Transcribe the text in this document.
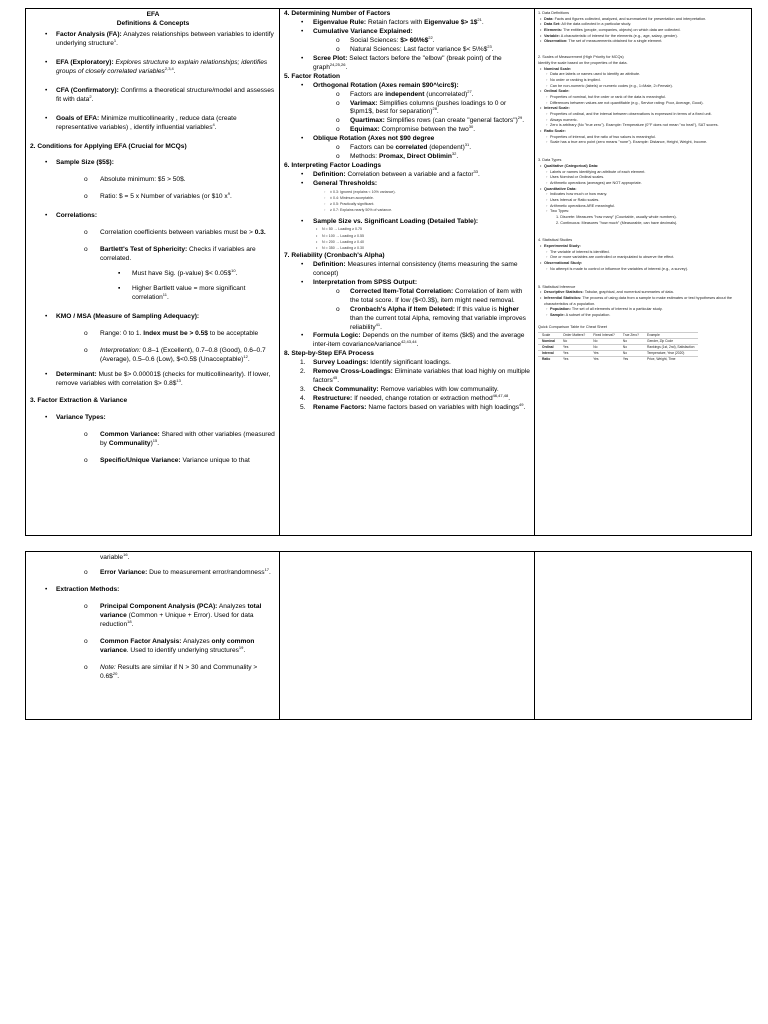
EFA
Definitions & Concepts
• Factor Analysis (FA): Analyzes relationships between variables to identify underlying structure$^1$.
• EFA (Exploratory): Explores structure to explain relationships; identifies groups of closely correlated variables$^{2,3,4}$.
• CFA (Confirmatory): Confirms a theoretical structure/model and assesses fit with data$^2$.
• Goals of EFA: Minimize multicollinearity , reduce data (create representative variables) , identify influential variables$^4$.
2. Conditions for Applying EFA (Crucial for MCQs)
• Sample Size ($5$):
o Absolute minimum: $5 > 50$.
o Ratio: $ = 5 x Number of variables (or $10 $x^9$.
• Correlations:
o Correlation coefficients between variables must be > 0.3.
o Bartlett's Test of Sphericity: Checks if variables are correlated.
▪ Must have Sig. (p-value) $< 0.05\$$^{10}$.
▪ Higher Bartlett value = more significant correlation$^{11}$.
• KMO / MSA (Measure of Sampling Adequacy):
o Range: 0 to 1. Index must be > 0.5$ to be acceptable
o Interpretation: 0.8–1 (Excellent), 0.7–0.8 (Good), 0.6–0.7 (Average), 0.5–0.6 (Low), $<0.5$ (Unacceptable)$^{12}$.
• Determinant: Must be $> 0.00001$ (checks for multicollinearity). If lower, remove variables with correlation $> 0.8\$$^{13}$.
3. Factor Extraction & Variance
• Variance Types:
o Common Variance: Shared with other variables (measured by Communality)$^{15}$.
o Specific/Unique Variance: Variance unique to that
4. Determining Number of Factors
• Eigenvalue Rule: Retain factors with Eigenvalue $> 1\$$^{21}$.
• Cumulative Variance Explained:
o Social Sciences: $> 60\%\$$^{22}$.
o Natural Sciences: Last factor variance $< 5\%\$$^{23}$.
• Scree Plot: Select factors before the "elbow" (break point) of the graph$^{24,25,26}$.
5. Factor Rotation
• Orthogonal Rotation (Axes remain $90^\circ$):
o Factors are independent (uncorrelated)$^{27}$.
o Varimax: Simplifies columns (pushes loadings to 0 or $\pm1$, best for separation)$^{28}$.
o Quartimax: Simplifies rows (can create "general factors")$^{29}$.
o Equimax: Compromise between the two$^{30}$.
• Oblique Rotation (Axes not $90 degree
o Factors can be correlated (dependent)$^{31}$.
o Methods: Promax, Direct Oblimin$^{32}$.
6. Interpreting Factor Loadings
• Definition: Correlation between a variable and a factor$^{33}$.
• General Thresholds:
◦ ± 0.3: Ignored (explains < 10% variance).
◦ ± 0.4: Minimum acceptable.
◦ ≥ 0.5: Practically significant.
◦ ≥ 0.7: Explains nearly 50% of variance.
• Sample Size vs. Significant Loading (Detailed Table):
• N = 50 → Loading ≥ 0.75
• N = 100 → Loading ≥ 0.55
• N = 200 → Loading ≥ 0.40
• N = 350 → Loading ≥ 0.30
7. Reliability (Cronbach's Alpha)
• Definition: Measures internal consistency (items measuring the same concept)
• Interpretation from SPSS Output:
o Corrected Item-Total Correlation: Correlation of item with the total score. If low ($<0.3$), item might need removal.
o Cronbach's Alpha if Item Deleted: If this value is higher than the current total Alpha, removing that variable improves reliability$^{41}$.
• Formula Logic: Depends on the number of items ($k$) and the average inter-item covariance/variance$^{42,43,44}$.
8. Step-by-Step EFA Process
1. Survey Loadings: Identify significant loadings.
2. Remove Cross-Loadings: Eliminate variables that load highly on multiple factors$^{45}$.
3. Check Communality: Remove variables with low communality.
4. Restructure: If needed, change rotation or extraction method$^{46,47,48}$.
5. Rename Factors: Name factors based on variables with high loadings$^{49}$.
1. Data Definitions
• Data: Facts and figures collected, analyzed, and summarized for presentation and interpretation.
• Data Set: All the data collected in a particular study.
• Elements: The entities (people, companies, objects) on which data are collected.
• Variable: A characteristic of interest for the elements (e.g., age, salary, gender).
• Observation: The set of measurements obtained for a single element.
2. Scales of Measurement (High Priority for MCQs)
Identify the scale based on the properties of the data.
• Nominal Scale:
◦ Data are labels or names used to identify an attribute.
◦ No order or ranking is implied.
◦ Can be non-numeric (labels) or numeric codes (e.g., 1=Male, 2=Female).
• Ordinal Scale:
◦ Properties of nominal, but the order or rank of the data is meaningful.
◦ Differences between values are not quantifiable (e.g., Service rating: Poor, Average, Good).
• Interval Scale:
◦ Properties of ordinal, and the interval between observations is expressed in terms of a fixed unit.
◦ Always numeric.
◦ Zero is arbitrary (No "true zero"). Example: Temperature (0°F does not mean "no heat"), SAT scores.
• Ratio Scale:
◦ Properties of interval, and the ratio of two values is meaningful.
◦ Scale has a true zero point (zero means "none"). Example: Distance, Height, Weight, Income.
3. Data Types
• Qualitative (Categorical) Data:
◦ Labels or names identifying an attribute of each element.
◦ Uses Nominal or Ordinal scales.
◦ Arithmetic operations (averages) are NOT appropriate.
• Quantitative Data:
◦ Indicates how much or how many.
◦ Uses Interval or Ratio scales.
◦ Arithmetic operations ARE meaningful.
◦ Two Types:
1. Discrete: Measures "how many" (Countable, usually whole numbers).
2. Continuous: Measures "how much" (Measurable, can have decimals).
4. Statistical Studies
• Experimental Study:
◦ The variable of interest is identified.
◦ One or more variables are controlled or manipulated to observe the effect.
• Observational Study:
◦ No attempt is made to control or influence the variables of interest (e.g., a survey).
5. Statistical Inference
• Descriptive Statistics: Tabular, graphical, and numerical summaries of data.
• Inferential Statistics: The process of using data from a sample to make estimates or test hypotheses about the characteristics of a population.
◦ Population: The set of all elements of interest in a particular study.
◦ Sample: A subset of the population.
Quick Comparison Table for Cheat Sheet
Scale	Order Matters?	Fixed Interval?	True Zero?	Example
Nominal	No	No	No	Gender, Zip Code
Ordinal	Yes	No	No	Rankings (1st, 2nd), Satisfaction
Interval	Yes	Yes	No	Temperature, Year (2020)
Ratio	Yes	Yes	Yes	Price, Weight, Time
variable$^{16}$.
o Error Variance: Due to measurement error/randomness$^{17}$.
• Extraction Methods:
o Principal Component Analysis (PCA): Analyzes total variance (Common + Unique + Error). Used for data reduction$^{18}$.
o Common Factor Analysis: Analyzes only common variance. Used to identify underlying structures$^{19}$.
o Note: Results are similar if N > 30 and Communality > 0.6\$$^{20}$.
